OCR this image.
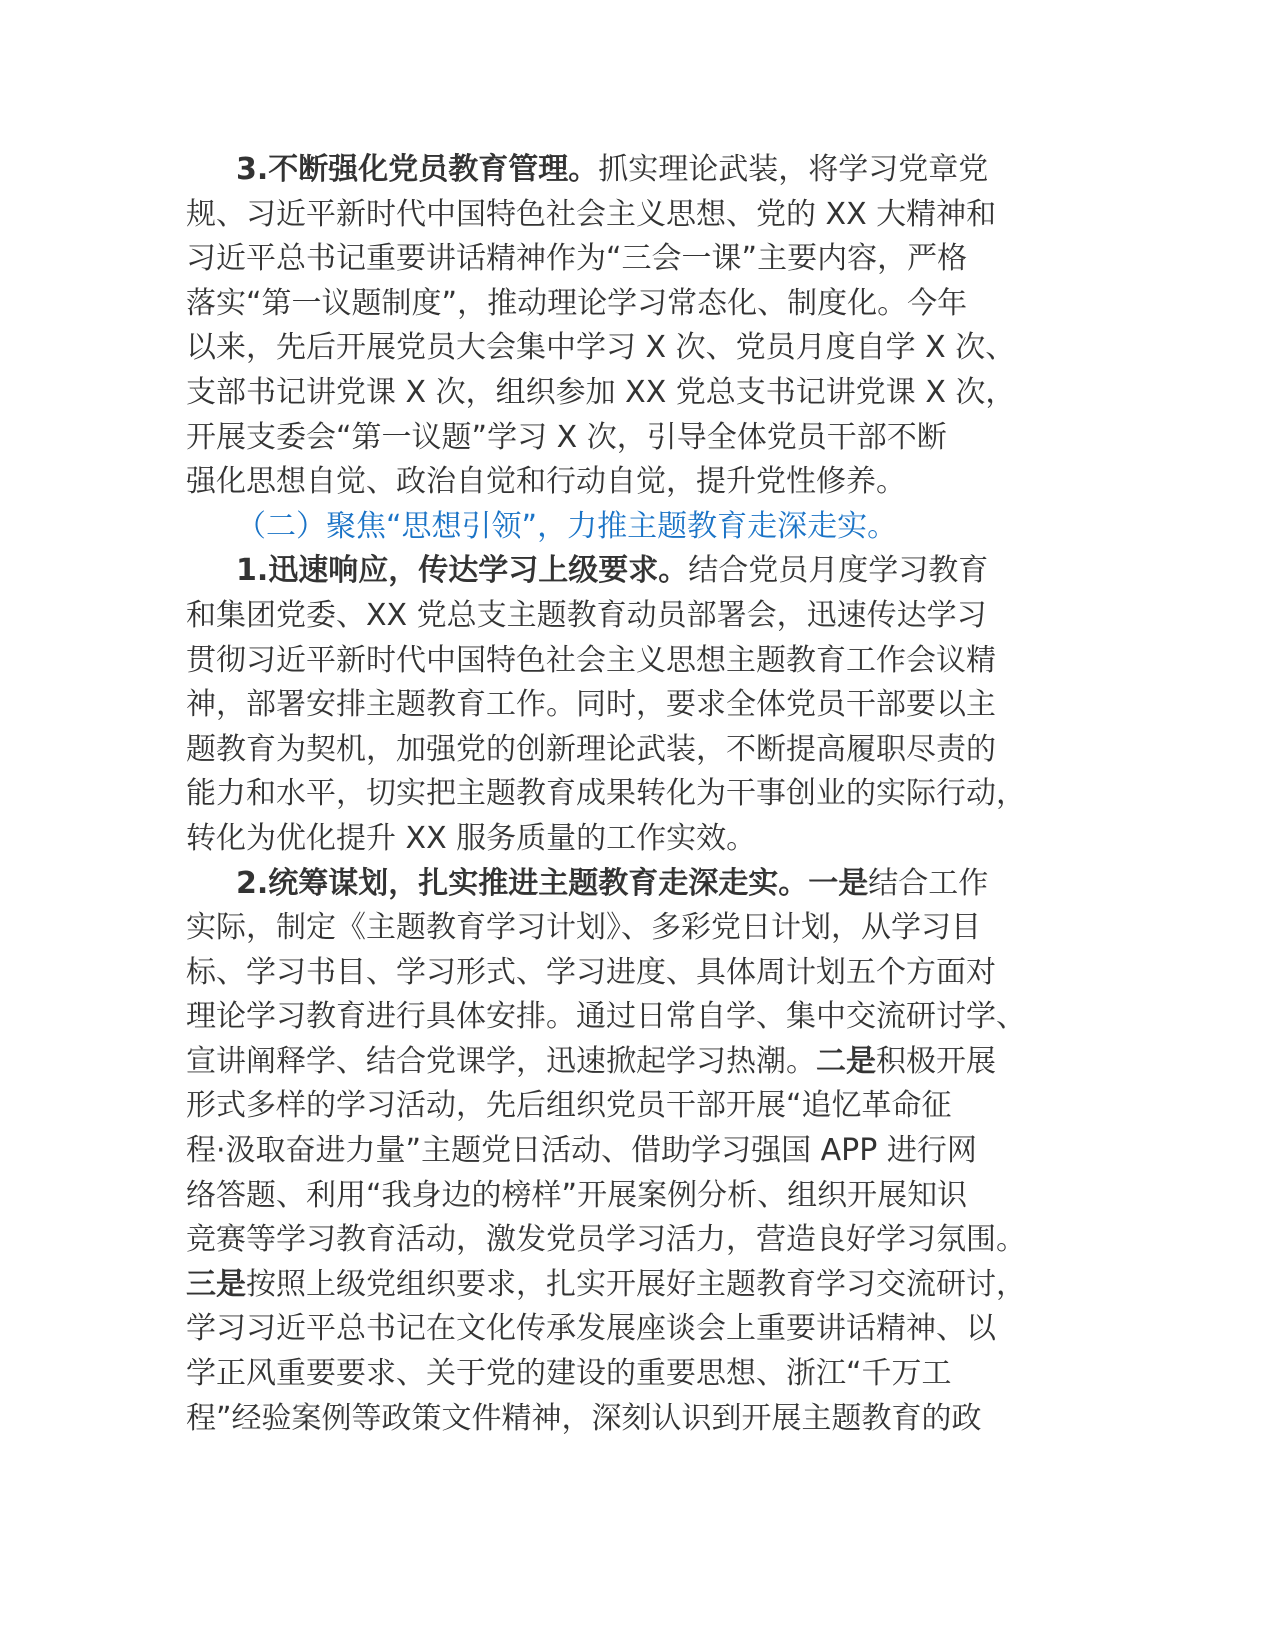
3.不断强化党员教育管理。抓实理论武装，将学习党章党
规、习近平新时代中国特色社会主义思想、党的 XX 大精神和
习近平总书记重要讲话精神作为“三会一课”主要内容，严格
落实“第一议题制度”，推动理论学习常态化、制度化。今年
以来，先后开展党员大会集中学习 X 次、党员月度自学 X 次、
支部书记讲党课 X 次，组织参加 XX 党总支书记讲党课 X 次，
开展支委会“第一议题”学习 X 次，引导全体党员干部不断
强化思想自觉、政治自觉和行动自觉，提升党性修养。
（二）聚焦“思想引领”，力推主题教育走深走实。
1.迅速响应，传达学习上级要求。结合党员月度学习教育
和集团党委、XX 党总支主题教育动员部署会，迅速传达学习
贯彻习近平新时代中国特色社会主义思想主题教育工作会议精
神，部署安排主题教育工作。同时，要求全体党员干部要以主
题教育为契机，加强党的创新理论武装，不断提高履职尽责的
能力和水平，切实把主题教育成果转化为干事创业的实际行动，
转化为优化提升 XX 服务质量的工作实效。
2.统筹谋划，扎实推进主题教育走深走实。一是结合工作
实际，制定《主题教育学习计划》、多彩党日计划，从学习目
标、学习书目、学习形式、学习进度、具体周计划五个方面对
理论学习教育进行具体安排。通过日常自学、集中交流研讨学、
宣讲阐释学、结合党课学，迅速掀起学习热潮。二是积极开展
形式多样的学习活动，先后组织党员干部开展“追忆革命征
程·汲取奋进力量”主题党日活动、借助学习强国 APP 进行网
络答题、利用“我身边的榜样”开展案例分析、组织开展知识
竞赛等学习教育活动，激发党员学习活力，营造良好学习氛围。
三是按照上级党组织要求，扎实开展好主题教育学习交流研讨，
学习习近平总书记在文化传承发展座谈会上重要讲话精神、以
学正风重要要求、关于党的建设的重要思想、浙江“千万工
程”经验案例等政策文件精神，深刻认识到开展主题教育的政
